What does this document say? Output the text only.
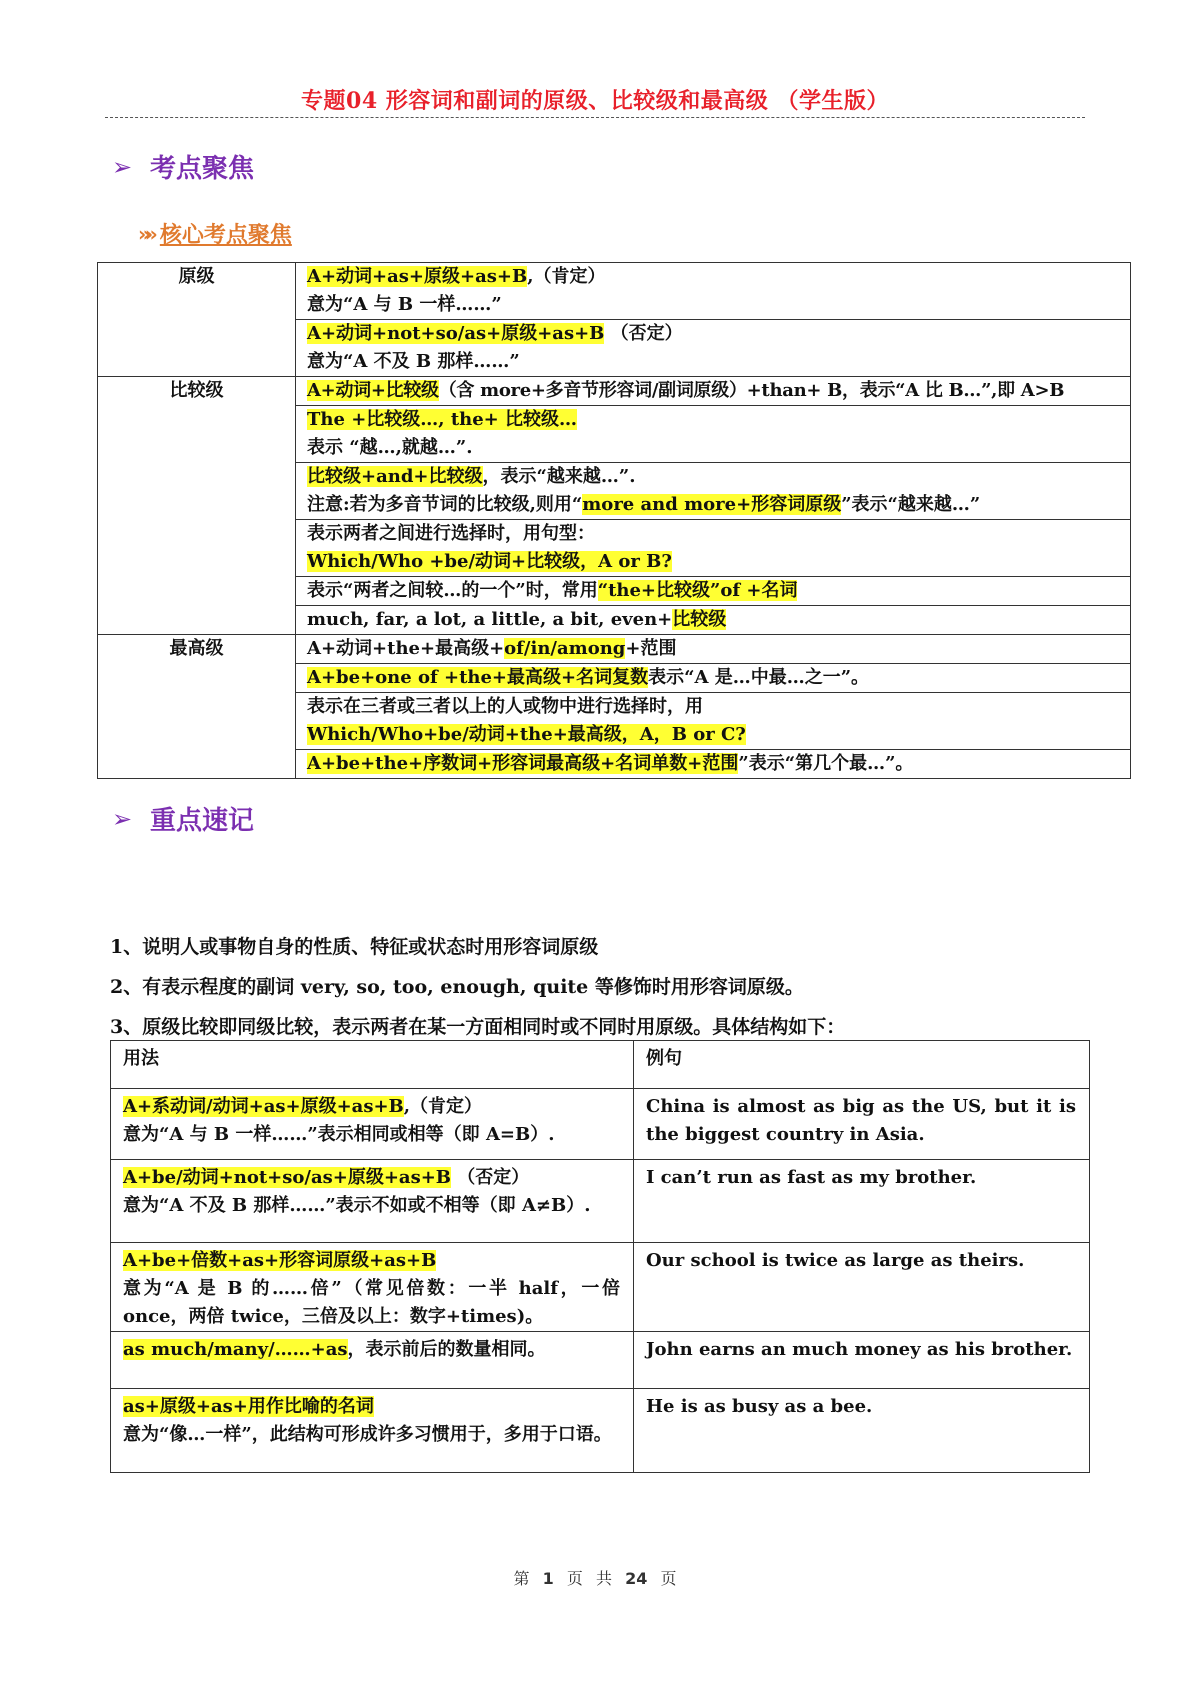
专题04 形容词和副词的原级、比较级和最高级 （学生版）
➢ 考点聚焦
»» 核心考点聚焦
原级	A+动词+as+原级+as+B,（肯定）
意为“A 与 B 一样……”

	A+动词+not+so/as+原级+as+B （否定）
意为“A 不及 B 那样……”

比较级	A+动词+比较级（含 more+多音节形容词/副词原级）+than+ B，表示“A 比 B…”,即 A>B

	The +比较级…, the+ 比较级…
表示 “越…,就越…”.

	比较级+and+比较级，表示“越来越…”.
注意:若为多音节词的比较级,则用“more and more+形容词原级”表示“越来越…”

	表示两者之间进行选择时，用句型：
Which/Who +be/动词+比较级，A or B?

	表示“两者之间较…的一个”时，常用“the+比较级”of +名词

	much, far, a lot, a little, a bit, even+比较级

最高级	A+动词+the+最高级+of/in/among+范围

	A+be+one of +the+最高级+名词复数表示“A 是…中最…之一”。

	表示在三者或三者以上的人或物中进行选择时，用
Which/Who+be/动词+the+最高级，A，B or C?

	A+be+the+序数词+形容词最高级+名词单数+范围”表示“第几个最…”。
➢ 重点速记
1、说明人或事物自身的性质、特征或状态时用形容词原级
2、有表示程度的副词 very, so, too, enough, quite 等修饰时用形容词原级。
3、原级比较即同级比较，表示两者在某一方面相同时或不同时用原级。具体结构如下：
用法	例句
A+系动词/动词+as+原级+as+B,（肯定）
意为“A 与 B 一样……”表示相同或相等（即 A=B）.	China is almost as big as the US, but it is the biggest country in Asia.
A+be/动词+not+so/as+原级+as+B （否定）
意为“A 不及 B 那样……”表示不如或不相等（即 A≠B）.	I can’t run as fast as my brother.
A+be+倍数+as+形容词原级+as+B
意为“A 是 B 的……倍”（常见倍数：一半 half，一倍 once，两倍 twice，三倍及以上：数字+times)。	Our school is twice as large as theirs.
as much/many/……+as，表示前后的数量相同。	John earns an much money as his brother.
as+原级+as+用作比喻的名词
意为“像…一样”，此结构可形成许多习惯用于，多用于口语。	He is as busy as a bee.
第 1 页 共 24 页
